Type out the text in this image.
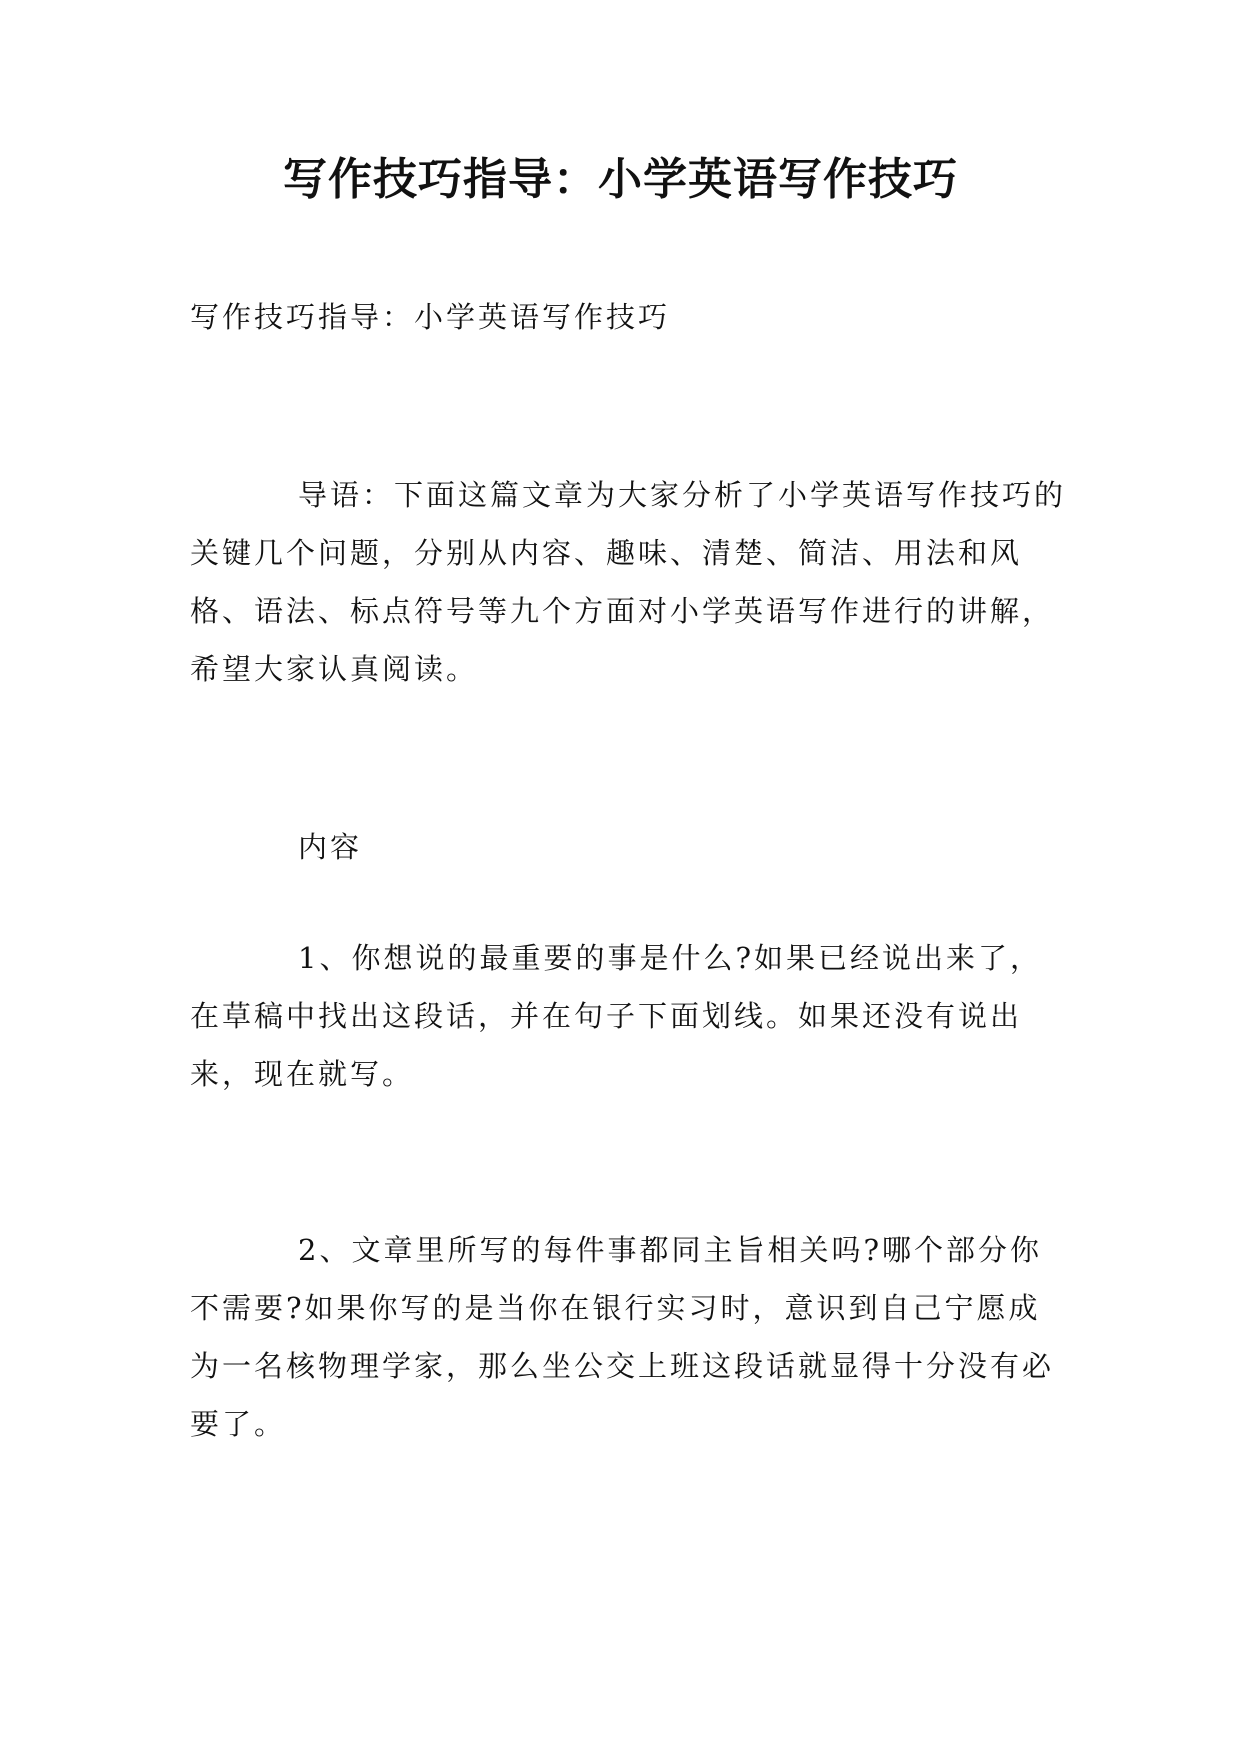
写作技巧指导：小学英语写作技巧

写作技巧指导：小学英语写作技巧

导语：下面这篇文章为大家分析了小学英语写作技巧的关键几个问题，分别从内容、趣味、清楚、简洁、用法和风格、语法、标点符号等九个方面对小学英语写作进行的讲解，希望大家认真阅读。

内容

1、你想说的最重要的事是什么?如果已经说出来了，在草稿中找出这段话，并在句子下面划线。如果还没有说出来，现在就写。

2、文章里所写的每件事都同主旨相关吗?哪个部分你不需要?如果你写的是当你在银行实习时，意识到自己宁愿成为一名核物理学家，那么坐公交上班这段话就显得十分没有必要了。
